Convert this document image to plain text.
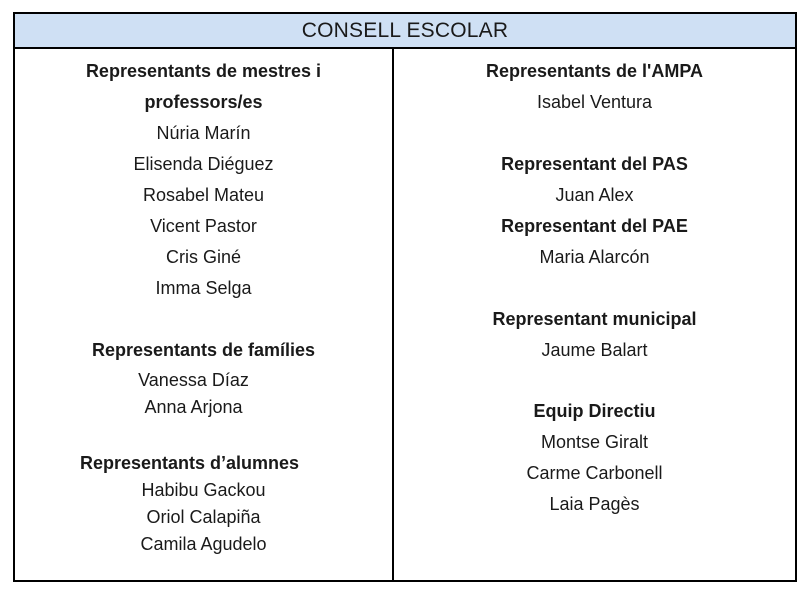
CONSELL ESCOLAR
Representants de mestres i
professors/es
Núria Marín
Elisenda Diéguez
Rosabel Mateu
Vicent Pastor
Cris Giné
Imma Selga
Representants de famílies
Vanessa Díaz
Anna Arjona
Representants d’alumnes
Habibu Gackou
Oriol Calapiña
Camila Agudelo
Representants de l'AMPA
Isabel Ventura
Representant del PAS
Juan Alex
Representant del PAE
Maria Alarcón
Representant municipal
Jaume Balart
Equip Directiu
Montse Giralt
Carme Carbonell
Laia Pagès
